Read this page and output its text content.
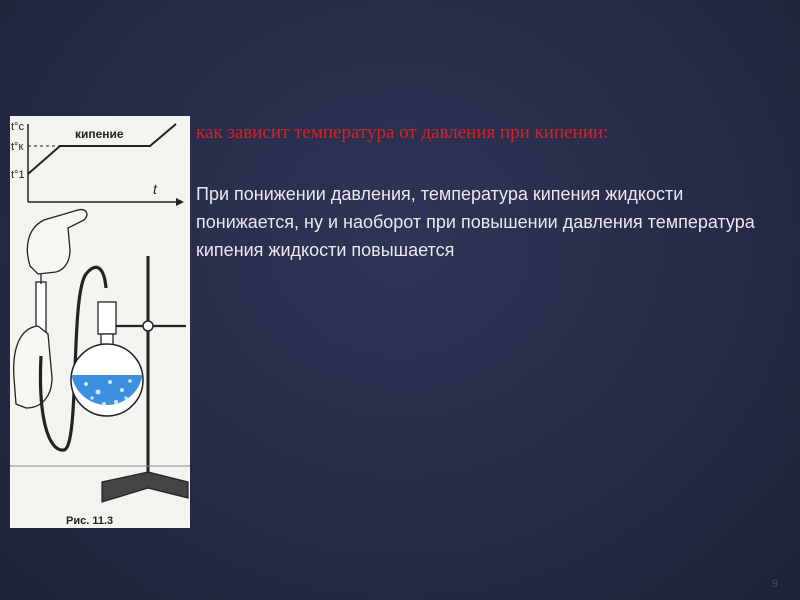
t°c
t°к
t°1
t
кипение
Рис. 11.3
как зависит температура от давления при кипении:
При понижении давления, температура кипения жидкости понижается, ну и наоборот при повышении давления температура кипения жидкости повышается
9
